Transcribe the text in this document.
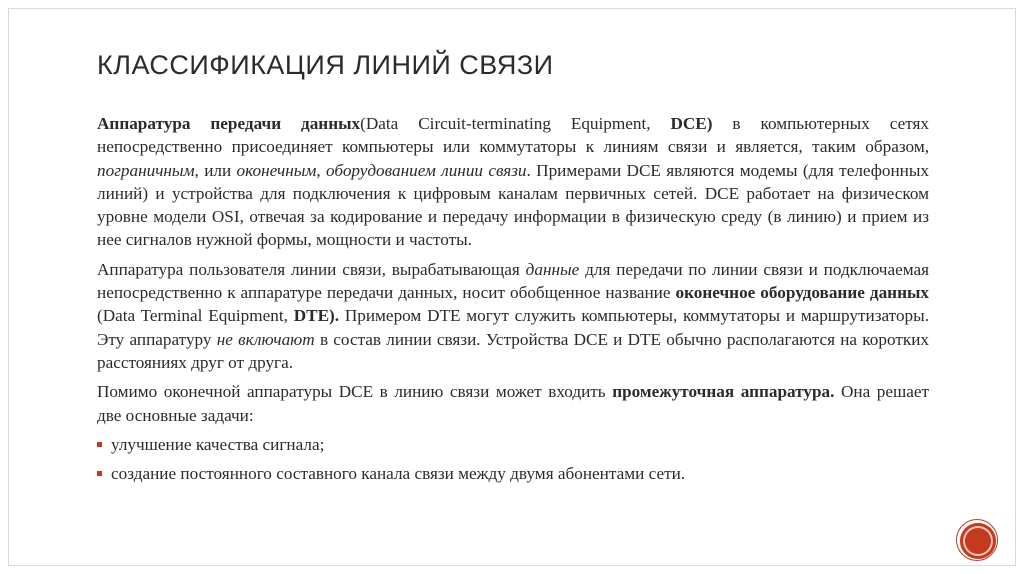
КЛАССИФИКАЦИЯ ЛИНИЙ СВЯЗИ

Аппаратура передачи данных(Data Circuit-terminating Equipment, DCE) в компьютерных сетях непосредственно присоединяет компьютеры или коммутаторы к линиям связи и является, таким образом, пограничным, или оконечным, оборудованием линии связи. Примерами DCE являются модемы (для телефонных линий) и устройства для подключения к цифровым каналам первичных сетей. DCE работает на физическом уровне модели OSI, отвечая за кодирование и передачу информации в физическую среду (в линию) и прием из нее сигналов нужной формы, мощности и частоты.

Аппаратура пользователя линии связи, вырабатывающая данные для передачи по линии связи и подключаемая непосредственно к аппаратуре передачи данных, носит обобщенное название оконечное оборудование данных (Data Terminal Equipment, DTE). Примером DTE могут служить компьютеры, коммутаторы и маршрутизаторы. Эту аппаратуру не включают в состав линии связи. Устройства DCE и DTE обычно располагаются на коротких расстояниях друг от друга.

Помимо оконечной аппаратуры DCE в линию связи может входить промежуточная аппаратура. Она решает две основные задачи:

улучшение качества сигнала;
создание постоянного составного канала связи между двумя абонентами сети.
